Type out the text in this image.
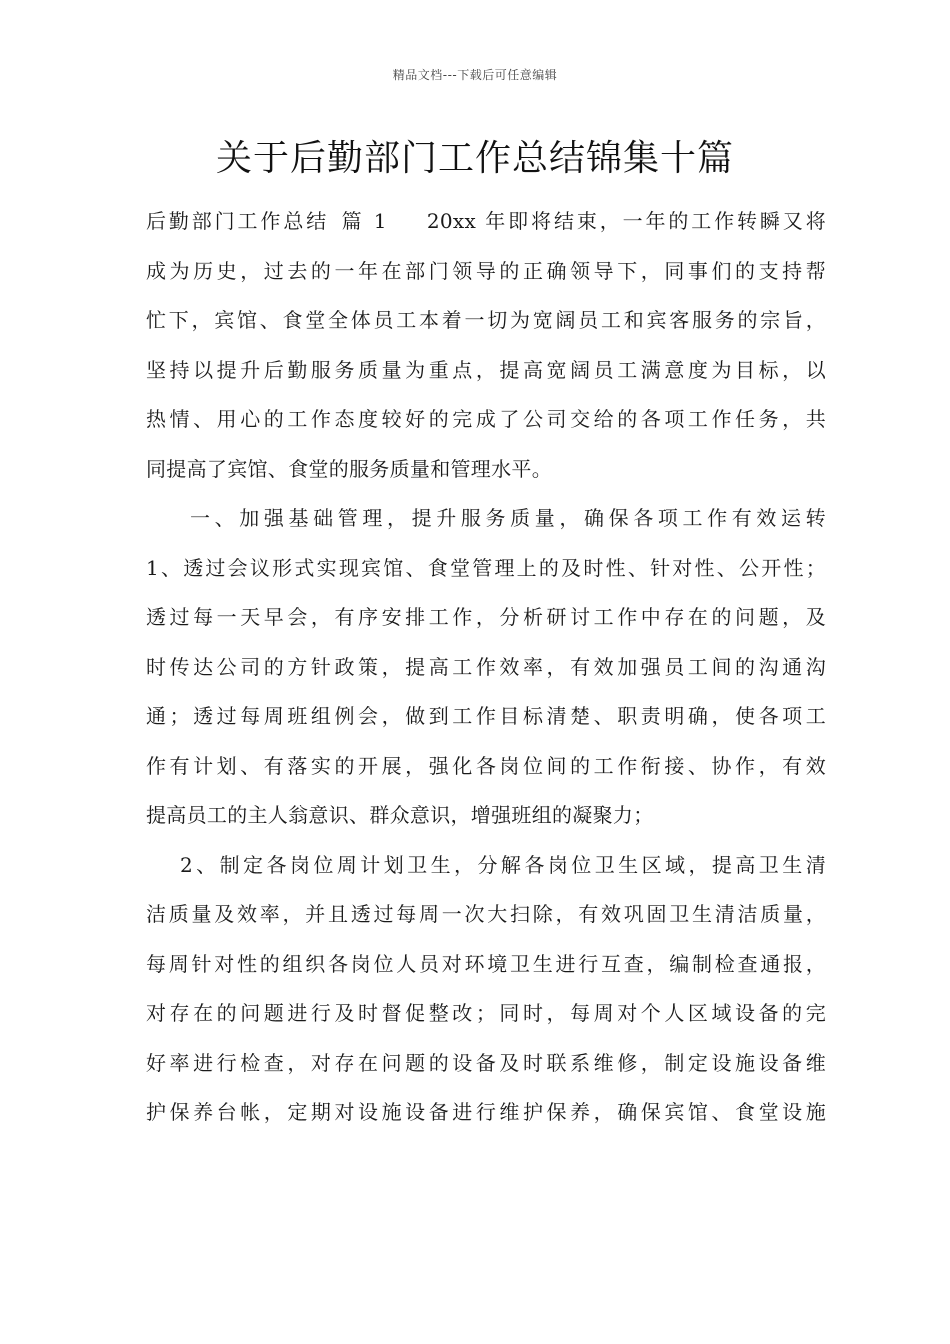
精品文档---下载后可任意编辑
关于后勤部门工作总结锦集十篇
后勤部门工作总结 篇 1 20xx 年即将结束，一年的工作转瞬又将
成为历史，过去的一年在部门领导的正确领导下，同事们的支持帮
忙下，宾馆、食堂全体员工本着一切为宽阔员工和宾客服务的宗旨，
坚持以提升后勤服务质量为重点，提高宽阔员工满意度为目标，以
热情、用心的工作态度较好的完成了公司交给的各项工作任务，共
同提高了宾馆、食堂的服务质量和管理水平。
一、加强基础管理，提升服务质量，确保各项工作有效运转
1、透过会议形式实现宾馆、食堂管理上的及时性、针对性、公开性；
透过每一天早会，有序安排工作，分析研讨工作中存在的问题，及
时传达公司的方针政策，提高工作效率，有效加强员工间的沟通沟
通；透过每周班组例会，做到工作目标清楚、职责明确，使各项工
作有计划、有落实的开展，强化各岗位间的工作衔接、协作，有效
提高员工的主人翁意识、群众意识，增强班组的凝聚力；
2、制定各岗位周计划卫生，分解各岗位卫生区域，提高卫生清
洁质量及效率，并且透过每周一次大扫除，有效巩固卫生清洁质量，
每周针对性的组织各岗位人员对环境卫生进行互查，编制检查通报，
对存在的问题进行及时督促整改；同时，每周对个人区域设备的完
好率进行检查，对存在问题的设备及时联系维修，制定设施设备维
护保养台帐，定期对设施设备进行维护保养，确保宾馆、食堂设施
